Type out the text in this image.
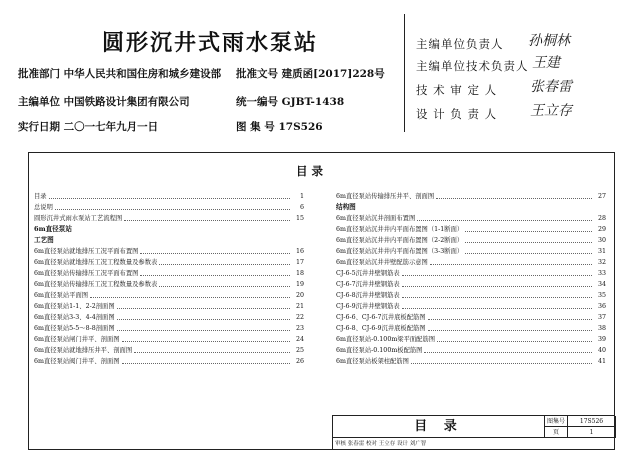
圆形沉井式雨水泵站
批准部门 中华人民共和国住房和城乡建设部 批准文号 建质函[2017]228号
主编单位 中国铁路设计集团有限公司	统一编号 GJBT-1438
实行日期 二〇一七年九月一日	图 集 号 17S526
主编单位负责人 孙桐林
主编单位技术负责人 王建
技 术 审 定 人 张春雷
设 计 负 责 人 王立存
目 录
目录	1
总说明	6
圆形沉井式雨水泵站工艺流程图	15
6m直径泵站
工艺图
6m直径泵站就地排压工况平面布置图	16
6m直径泵站就地排压工况工程数量及参数表	17
6m直径泵站传输排压工况平面布置图	18
6m直径泵站传输排压工况工程数量及参数表	19
6m直径泵站平面图	20
6m直径泵站1-1、2-2剖面图	21
6m直径泵站3-3、4-4剖面图	22
6m直径泵站5-5～8-8剖面图	23
6m直径泵站闸门井平、剖面图	24
6m直径泵站就地排压井平、剖面图	25
6m直径泵站阀门井平、剖面图	26
6m直径泵站传输排压井平、剖面图	27
结构图
6m直径泵站沉井剖面布置图	28
6m直径泵站沉井井内平面布置图（1-1断面）	29
6m直径泵站沉井井内平面布置图（2-2断面）	30
6m直径泵站沉井井内平面布置图（3-3断面）	31
6m直径泵站沉井井壁配筋示意图	32
CJ-6-5沉井井壁钢筋表	33
CJ-6-7沉井井壁钢筋表	34
CJ-6-8沉井井壁钢筋表	35
CJ-6-9沉井井壁钢筋表	36
CJ-6-6、CJ-6-7沉井底板配筋图	37
CJ-6-8、CJ-6-9沉井底板配筋图	38
6m直径泵站-0.100m梁平面配筋图	39
6m直径泵站-0.100m板配筋图	40
6m直径泵站板架柱配筋图	41
目 录	图集号	17S526
页	1
审核 张春雷 校对 王立存 设计 刘广智
